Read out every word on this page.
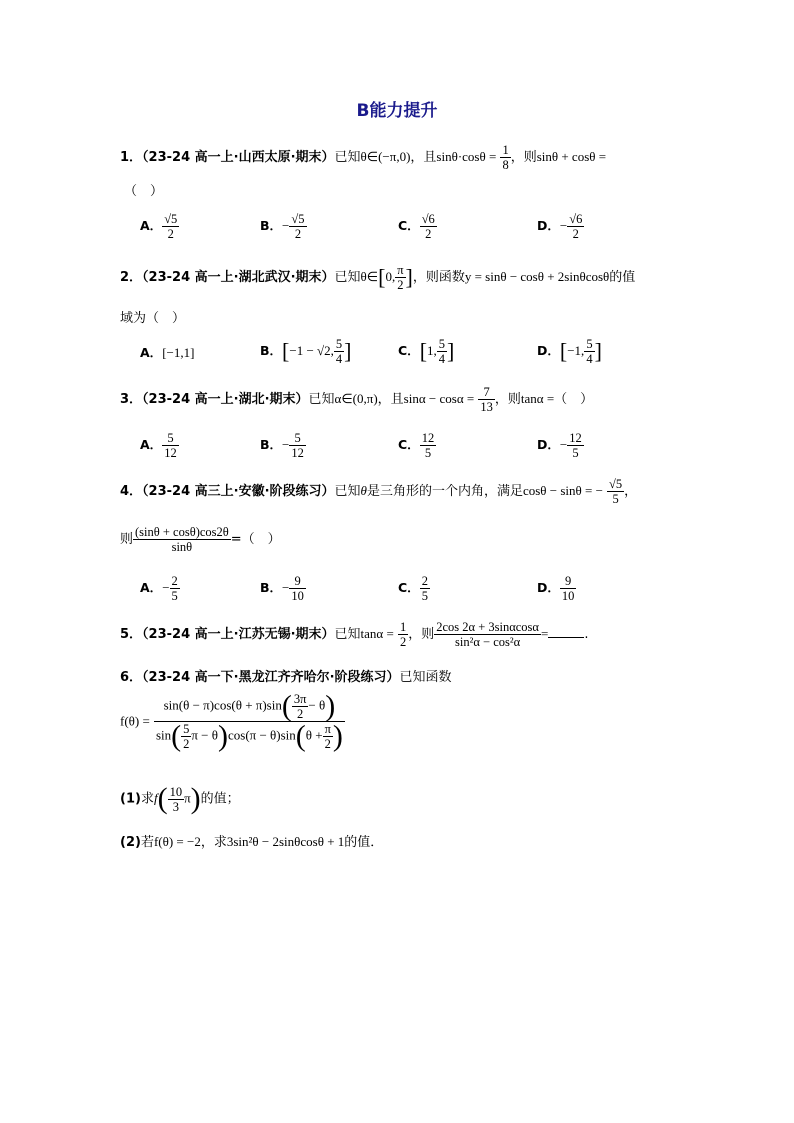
B能力提升
1．（23-24 高一上·山西太原·期末）已知θ∈(−π,0)，且$\sin\theta\cdot\cos\theta = \frac{1}{8}$ ，则sinθ + cosθ =
（　）
A． $\frac{√5}{2}$	B．− $\frac{√5}{2}$	C． $\frac{√6}{2}$	D．− $\frac{√6}{2}$
2．（23-24 高一上·湖北武汉·期末）已知θ∈[0, $\frac{\pi}{2}$ ]，则函数y = sinθ − cosθ + 2sinθcosθ的值
域为（　）
A．[−1,1]	B．[−1 − √2, $\frac{5}{4}$ ]	C．[1, $\frac{5}{4}$ ]	D．[−1, $\frac{5}{4}$ ]
3．（23-24 高一上·湖北·期末）已知α∈(0,π)，且$\sin\alpha - \cos\alpha = \frac{7}{13}$ ，则tanα =（　）
A． $\frac{5}{12}$	B．− $\frac{5}{12}$	C． $\frac{12}{5}$	D．− $\frac{12}{5}$
4．（23-24 高三上·安徽·阶段练习）已知θ是三角形的一个内角，满足cosθ − sinθ = − $\frac{√5}{5}$ ，
则 $\frac{(\sin\theta + \cos\theta)\cos 2\theta}{\sin\theta}$ =（　）
A．− $\frac{2}{5}$	B．− $\frac{9}{10}$	C． $\frac{2}{5}$	D． $\frac{9}{10}$
5．（23-24 高一上·江苏无锡·期末）已知$\tan\alpha = \frac{1}{2}$ ，则 $\frac{2\cos 2\alpha + 3\sin\alpha\cos\alpha}{\text{sin²α − cos²α}}$ =	.
6．（23-24 高一下·黑龙江齐齐哈尔·阶段练习）已知函数
$f(\theta) = \frac{\sin(\theta - \pi)\cos(\theta + \pi)\sin( \frac{3\pi}{2} - \theta)}{\sin( \frac{5}{2} \pi - \theta)\cos(\pi - \theta)\sin(\theta + \frac{\pi}{2} )}$
(1)求$f( \frac{10}{3} \pi)$的值；
(2)若f(θ) = −2，求3sin²θ − 2sinθcosθ + 1的值．
